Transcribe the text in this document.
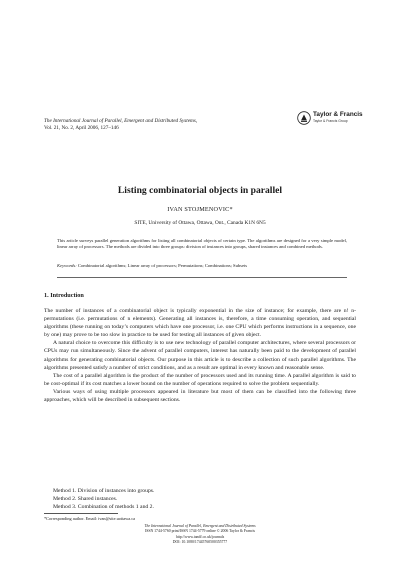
The International Journal of Parallel, Emergent and Distributed Systems,
Vol. 21, No. 2, April 2006, 127–146
Taylor & Francis
Taylor & Francis Group
Listing combinatorial objects in parallel
IVAN STOJMENOVIC*
SITE, University of Ottawa, Ottawa, Ont., Canada K1N 6N5
This article surveys parallel generation algorithms for listing all combinatorial objects of certain type. The algorithms are designed for a very simple model, linear array of processors. The methods are divided into three groups: division of instances into groups, shared instances and combined methods.
Keywords: Combinatorial algorithms; Linear array of processors; Permutations; Combinations; Subsets
1. Introduction

The number of instances of a combinatorial object is typically exponential in the size of instance; for example, there are n! n-permutations (i.e. permutations of n elements). Generating all instances is, therefore, a time consuming operation, and sequential algorithms (these running on today’s computers which have one processor, i.e. one CPU which performs instructions in a sequence, one by one) may prove to be too slow in practice to be used for testing all instances of given object.

A natural choice to overcome this difficulty is to use new technology of parallel computer architectures, where several processors or CPUs may run simultaneously. Since the advent of parallel computers, interest has naturally been paid to the development of parallel algorithms for generating combinatorial objects. Our purpose in this article is to describe a collection of such parallel algorithms. The algorithms presented satisfy a number of strict conditions, and as a result are optimal in every known and reasonable sense.

The cost of a parallel algorithm is the product of the number of processors used and its running time. A parallel algorithm is said to be cost-optimal if its cost matches a lower bound on the number of operations required to solve the problem sequentially.

Various ways of using multiple processors appeared in literature but most of them can be classified into the following three approaches, which will be described in subsequent sections.

Method 1. Division of instances into groups.
Method 2. Shared instances.
Method 3. Combination of methods 1 and 2.
*Corresponding author. Email: ivan@site.uottawa.ca
The International Journal of Parallel, Emergent and Distributed Systems
ISSN 1744-5760 print/ISSN 1744-5779 online © 2006 Taylor & Francis
http://www.tandf.co.uk/journals
DOI: 10.1080/17445760500355777
